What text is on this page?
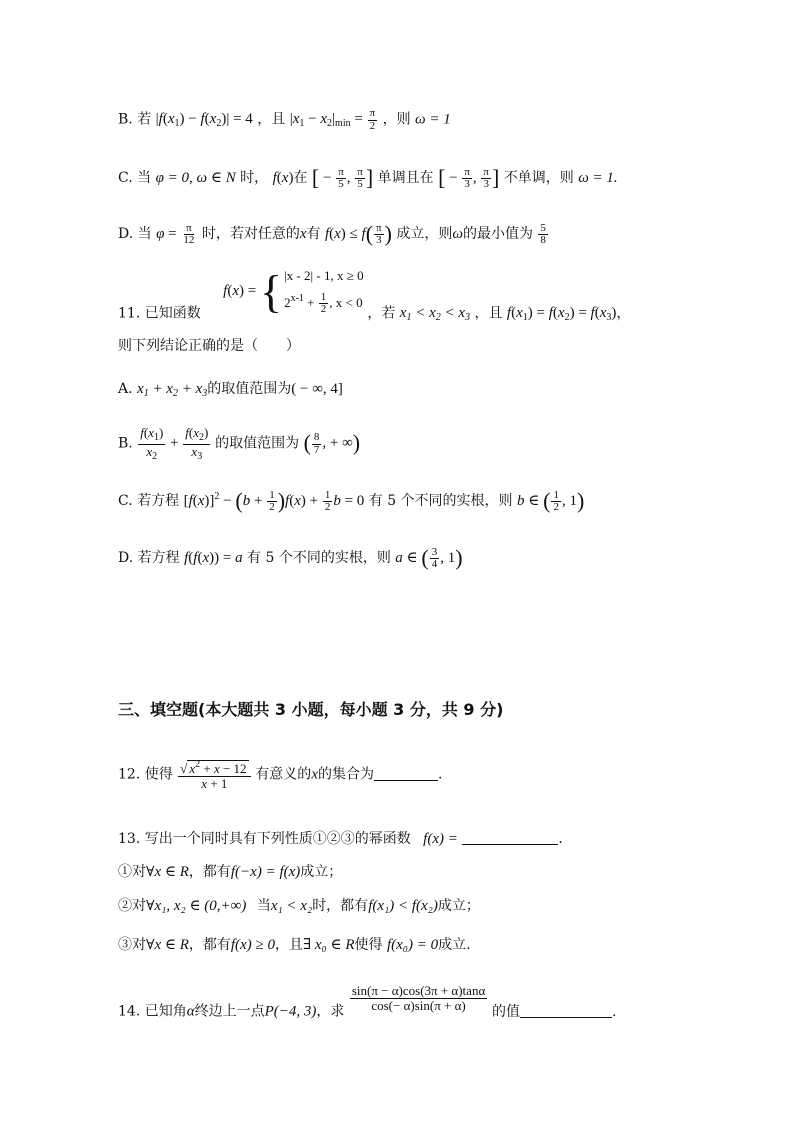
B. 若 $|f(x_1) - f(x_2)| = 4$ ，且 $|x_1 - x_2|_{min} = \frac{\pi}{2}$ ，则 ω = 1
C. 当 φ = 0, ω ∈ N 时， f(x)在 [ − $\frac{\pi}{5}$ , $\frac{\pi}{5}$ ] 单调且在 [ − $\frac{\pi}{3}$ , $\frac{\pi}{3}$ ] 不单调，则 ω = 1.
D. 当 $\varphi = \frac{\pi}{12}$ 时，若对任意的x有 $f(x) \le f( \frac{\pi}{3}$ ) 成立，则ω的最小值为 $\frac{5}{8}$
11. 已知函数 f(x) = { |x - 2| - 1, x ≥ 0
$2^{x-1} + \frac{1}{2}$ , x < 0
，若 $x_1 < x_2 < x_3$ ，且 $f(x_1) = f(x_2) = f(x_3)$，
则下列结论正确的是（　　）
A. $x_1 + x_2 + x_3$的取值范围为( − ∞, 4]
B. $\frac{f(x_1)}{x_2} + \frac{f(x_2)}{x_3}$ 的取值范围为 ( $\frac{8}{7}$ , + ∞)
C. 若方程 $[f(x)]^2 - (b + \frac{1}{2} )f(x) + \frac{1}{2}$ b = 0 有 5 个不同的实根，则 b ∈ ( $\frac{1}{2}$ , 1)
D. 若方程 f(f(x)) = a 有 5 个不同的实根，则 a ∈ ( $\frac{3}{4}$ , 1)
三、填空题(本大题共 3 小题，每小题 3 分，共 9 分)
12. 使得 $\frac{√ x^2 + x - 12}{x + 1}$ 有意义的x的集合为	.
13. 写出一个同时具有下列性质①②③的幂函数 f(x) =	.
①对∀x ∈ R，都有f(−x) = f(x)成立；
②对∀x₁, x₂ ∈ (0,+∞) 当x₁ < x₂时，都有f(x₁) < f(x₂)成立；
③对∀x ∈ R，都有f(x) ≥ 0，且∃ x₀ ∈ R使得 f(x₀) = 0成立.
14. 已知角α终边上一点P(−4, 3)，求 $\frac{\sin(\pi - \alpha)\cos(3\pi + \alpha)\tan\alpha}{\cos(- \alpha)\sin(\pi + \alpha)}$ 的值	.
